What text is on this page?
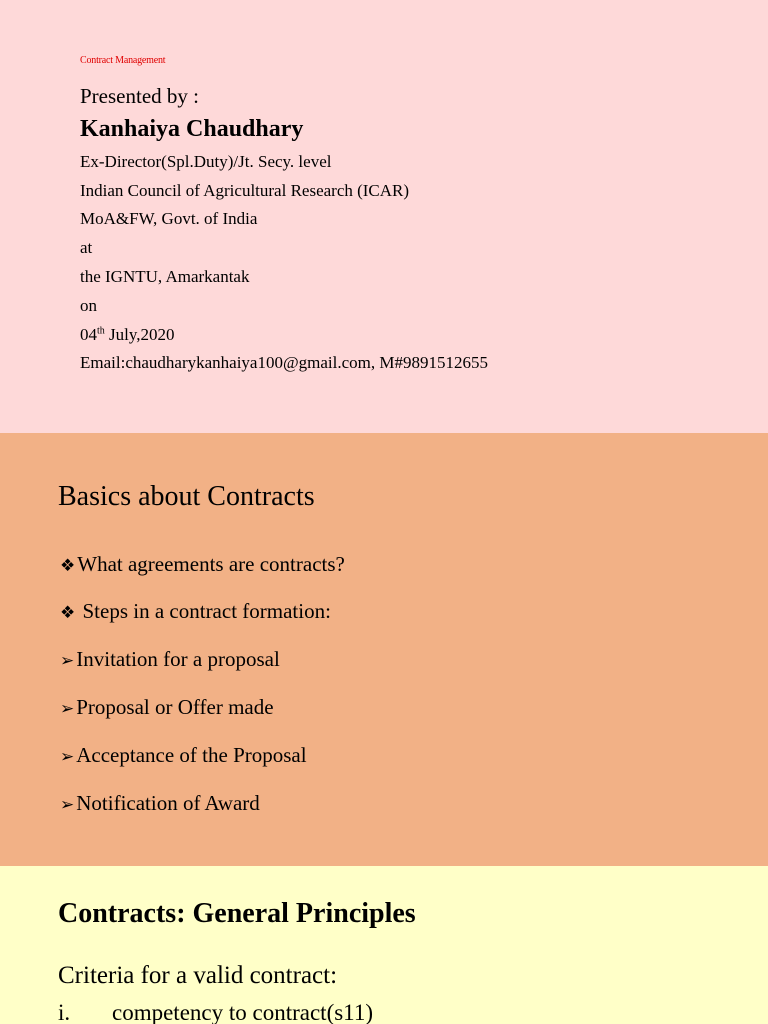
Contract Management
Presented by :
Kanhaiya Chaudhary
Ex-Director(Spl.Duty)/Jt. Secy. level
Indian Council of Agricultural Research (ICAR)
MoA&FW, Govt. of India
at
the IGNTU, Amarkantak
on
04th July,2020
Email:chaudharykanhaiya100@gmail.com, M#9891512655
Basics about Contracts
❖What agreements are contracts?
❖ Steps in a contract formation:
➢Invitation for a proposal
➢Proposal or Offer made
➢Acceptance of the Proposal
➢Notification of Award
Contracts: General Principles
Criteria for a valid contract:
i. competency to contract(s11)
